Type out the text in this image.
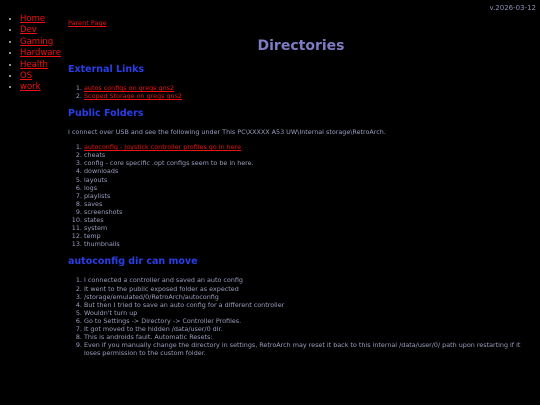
v.2026-03-12
• Home
• Dev
• Gaming
• Hardware
• Health
• OS
• work
Parent Page
Directories
External Links
1. autos configs on gregs gns2
2. Scoped Storage on gregs gns2
Public Folders

I connect over USB and see the following under This PC\XXXXX A53 UW\Internal storage\RetroArch.

1. autoconfig - Joystick controller profiles go in here
2. cheats
3. config - core specific .opt configs seem to be in here.
4. downloads
5. layouts
6. logs
7. playlists
8. saves
9. screenshots
10. states
11. system
12. temp
13. thumbnails
autoconfig dir can move
1. I connected a controller and saved an auto config
2. It went to the public exposed folder as expected
3. /storage/emulated/0/RetroArch/autoconfig
4. But then I tried to save an auto config for a different controller
5. Wouldn't turn up
6. Go to Settings -> Directory -> Controller Profiles.
7. It got moved to the hidden /data/user/0 dir.
8. This is androids fault. Automatic Resets:
9. Even if you manually change the directory in settings, RetroArch may reset it back to this internal /data/user/0/ path upon restarting if it loses permission to the custom folder.
